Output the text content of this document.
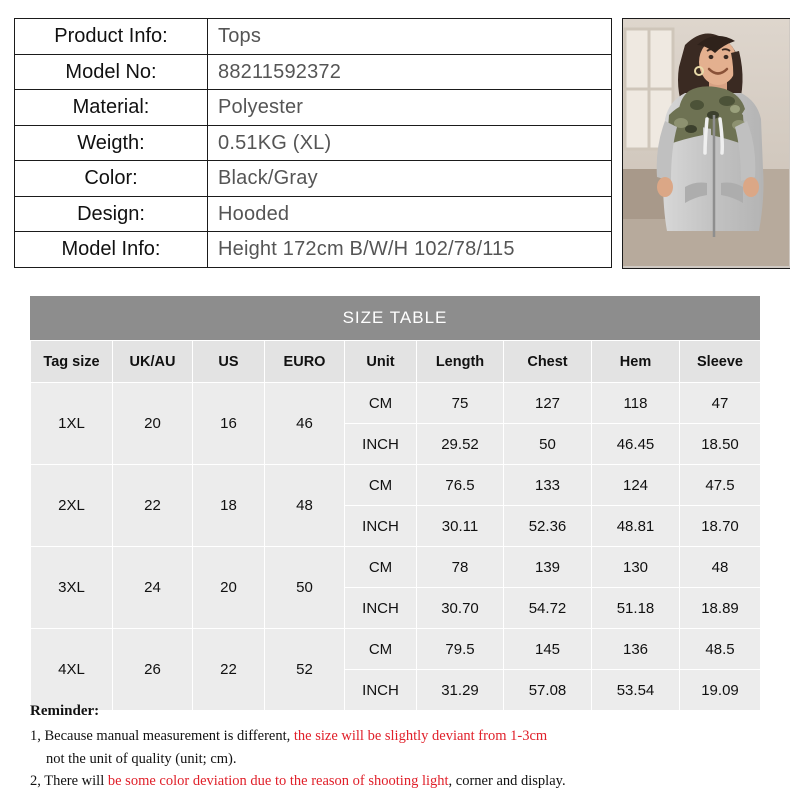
Product Info:	Tops
Model No:	88211592372
Material:	Polyester
Weigth:	0.51KG (XL)
Color:	Black/Gray
Design:	Hooded
Model Info:	Height 172cm B/W/H 102/78/115
SIZE TABLE
Tag size	UK/AU	US	EURO	Unit	Length	Chest	Hem	Sleeve
1XL	20	16	46	CM	75	127	118	47
				INCH	29.52	50	46.45	18.50
2XL	22	18	48	CM	76.5	133	124	47.5
				INCH	30.11	52.36	48.81	18.70
3XL	24	20	50	CM	78	139	130	48
				INCH	30.70	54.72	51.18	18.89
4XL	26	22	52	CM	79.5	145	136	48.5
				INCH	31.29	57.08	53.54	19.09
Reminder:
1, Because manual measurement is different, the size will be slightly deviant from 1-3cm
not the unit of quality (unit; cm).
2, There will be some color deviation due to the reason of shooting light, corner and display.
